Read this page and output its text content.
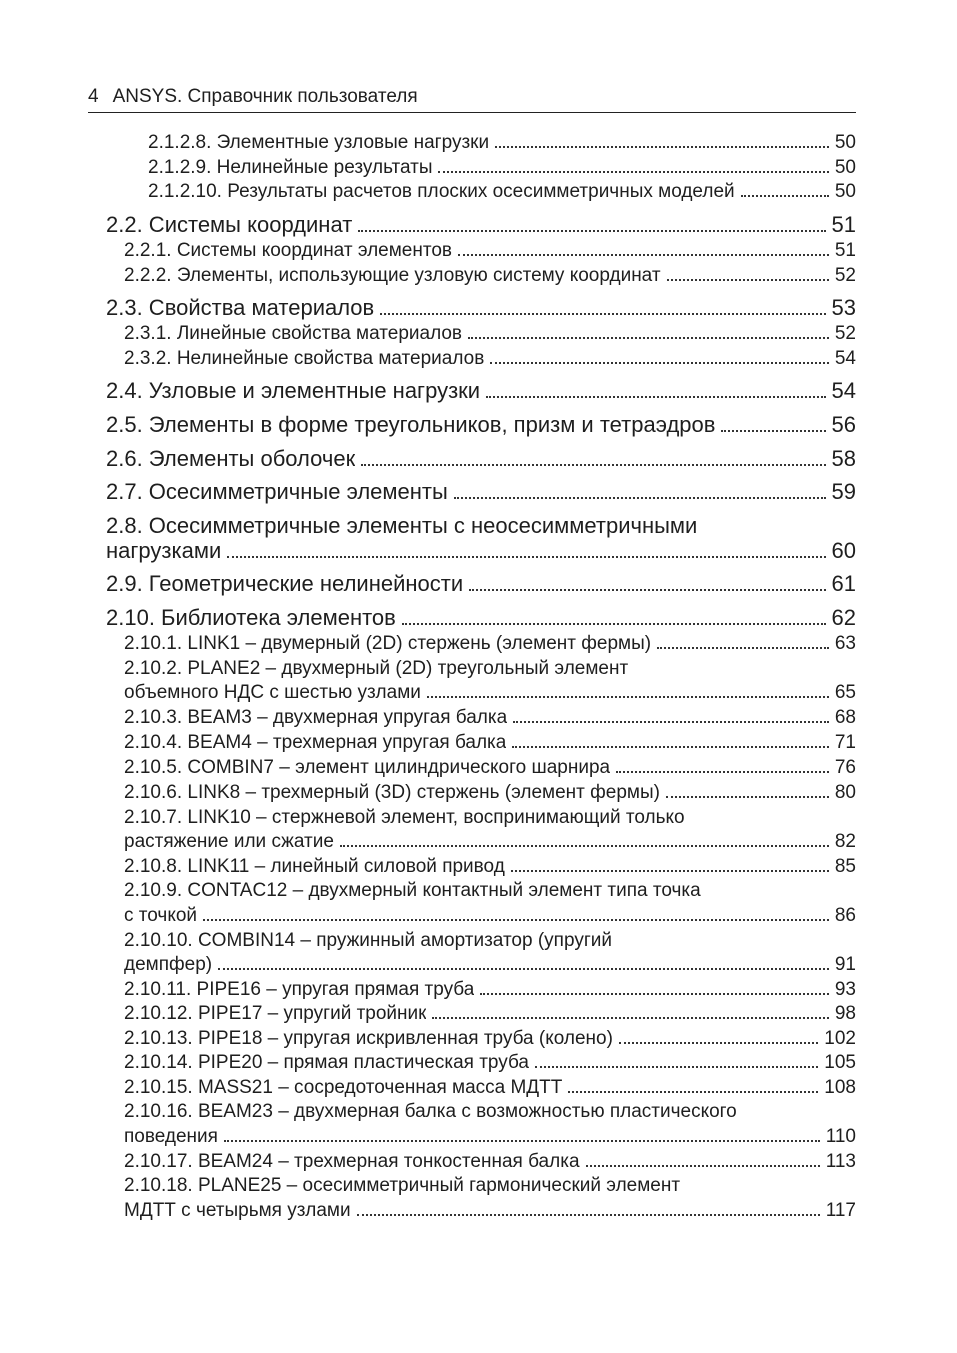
4 ANSYS. Справочник пользователя
2.1.2.8. Элементные узловые нагрузки	50
2.1.2.9. Нелинейные результаты	50
2.1.2.10. Результаты расчетов плоских осесимметричных моделей	50
2.2. Системы координат	51
2.2.1. Системы координат элементов	51
2.2.2. Элементы, использующие узловую систему координат	52
2.3. Свойства материалов	53
2.3.1. Линейные свойства материалов	52
2.3.2. Нелинейные свойства материалов	54
2.4. Узловые и элементные нагрузки	54
2.5. Элементы в форме треугольников, призм и тетраэдров	56
2.6. Элементы оболочек	58
2.7. Осесимметричные элементы	59
2.8. Осесимметричные элементы с неосесимметричными
нагрузками	60
2.9. Геометрические нелинейности	61
2.10. Библиотека элементов	62
2.10.1. LINK1 – двумерный (2D) стержень (элемент фермы)	63
2.10.2. PLANE2 – двухмерный (2D) треугольный элемент
объемного НДС с шестью узлами	65
2.10.3. BEAM3 – двухмерная упругая балка	68
2.10.4. BEAM4 – трехмерная упругая балка	71
2.10.5. COMBIN7 – элемент цилиндрического шарнира	76
2.10.6. LINK8 – трехмерный (3D) стержень (элемент фермы)	80
2.10.7. LINK10 – стержневой элемент, воспринимающий только
растяжение или сжатие	82
2.10.8. LINK11 – линейный силовой привод	85
2.10.9. CONTAC12 – двухмерный контактный элемент типа точка
с точкой	86
2.10.10. COMBIN14 – пружинный амортизатор (упругий
демпфер)	91
2.10.11. PIPE16 – упругая прямая труба	93
2.10.12. PIPE17 – упругий тройник	98
2.10.13. PIPE18 – упругая искривленная труба (колено)	102
2.10.14. PIPE20 – прямая пластическая труба	105
2.10.15. MASS21 – сосредоточенная масса МДТТ	108
2.10.16. BEAM23 – двухмерная балка с возможностью пластического
поведения	110
2.10.17. BEAM24 – трехмерная тонкостенная балка	113
2.10.18. PLANE25 – осесимметричный гармонический элемент
МДТТ с четырьмя узлами	117
